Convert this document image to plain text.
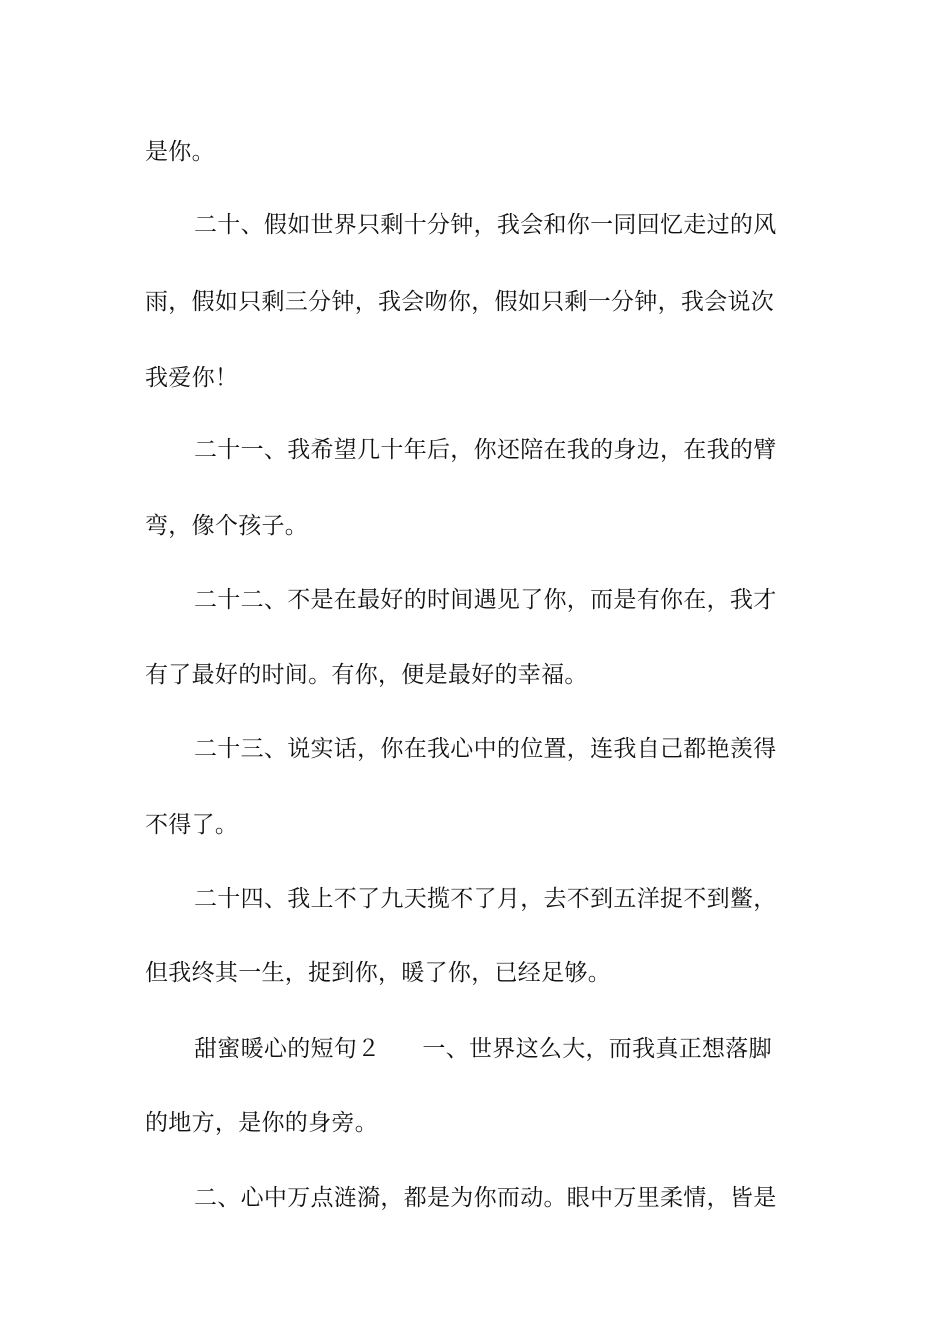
是你。
二十、假如世界只剩十分钟，我会和你一同回忆走过的风
雨，假如只剩三分钟，我会吻你，假如只剩一分钟，我会说次
我爱你！
二十一、我希望几十年后，你还陪在我的身边，在我的臂
弯，像个孩子。
二十二、不是在最好的时间遇见了你，而是有你在，我才
有了最好的时间。有你，便是最好的幸福。
二十三、说实话，你在我心中的位置，连我自己都艳羡得
不得了。
二十四、我上不了九天揽不了月，去不到五洋捉不到鳖，
但我终其一生，捉到你，暖了你，已经足够。
甜蜜暖心的短句２ 一、世界这么大，而我真正想落脚
的地方，是你的身旁。
二、心中万点涟漪，都是为你而动。眼中万里柔情，皆是
